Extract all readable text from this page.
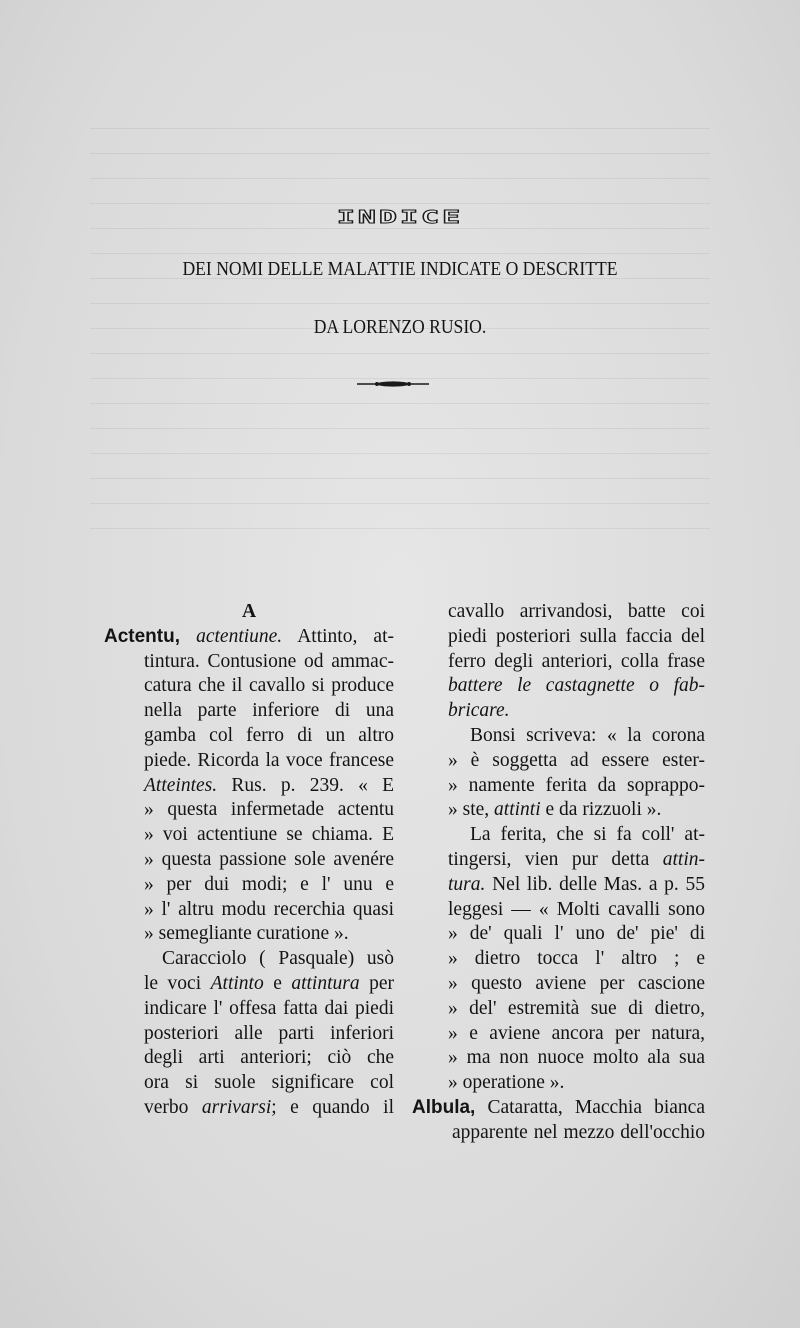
INDICE
DEI NOMI DELLE MALATTIE INDICATE O DESCRITTE
DA LORENZO RUSIO.
A
Actentu, actentiune. Attinto, at-
tintura. Contusione od ammac-
catura che il cavallo si produce
nella parte inferiore di una
gamba col ferro di un altro
piede. Ricorda la voce francese
Atteintes. Rus. p. 239. « E
» questa infermetade actentu
» voi actentiune se chiama. E
» questa passione sole avenére
» per dui modi; e l' unu e
» l' altru modu recerchia quasi
» semegliante curatione ».
Caracciolo ( Pasquale) usò
le voci Attinto e attintura per
indicare l' offesa fatta dai piedi
posteriori alle parti inferiori
degli arti anteriori; ciò che
ora si suole significare col
verbo arrivarsi; e quando il
cavallo arrivandosi, batte coi
piedi posteriori sulla faccia del
ferro degli anteriori, colla frase
battere le castagnette o fab-
bricare.
Bonsi scriveva: « la corona
» è soggetta ad essere ester-
» namente ferita da soprappo-
» ste, attinti e da rizzuoli ».
La ferita, che si fa coll' at-
tingersi, vien pur detta attin-
tura. Nel lib. delle Mas. a p. 55
leggesi — « Molti cavalli sono
» de' quali l' uno de' pie' di
» dietro tocca l' altro ; e
» questo aviene per cascione
» del' estremità sue di dietro,
» e aviene ancora per natura,
» ma non nuoce molto ala sua
» operatione ».
Albula, Cataratta, Macchia bianca
apparente nel mezzo dell'occhio
